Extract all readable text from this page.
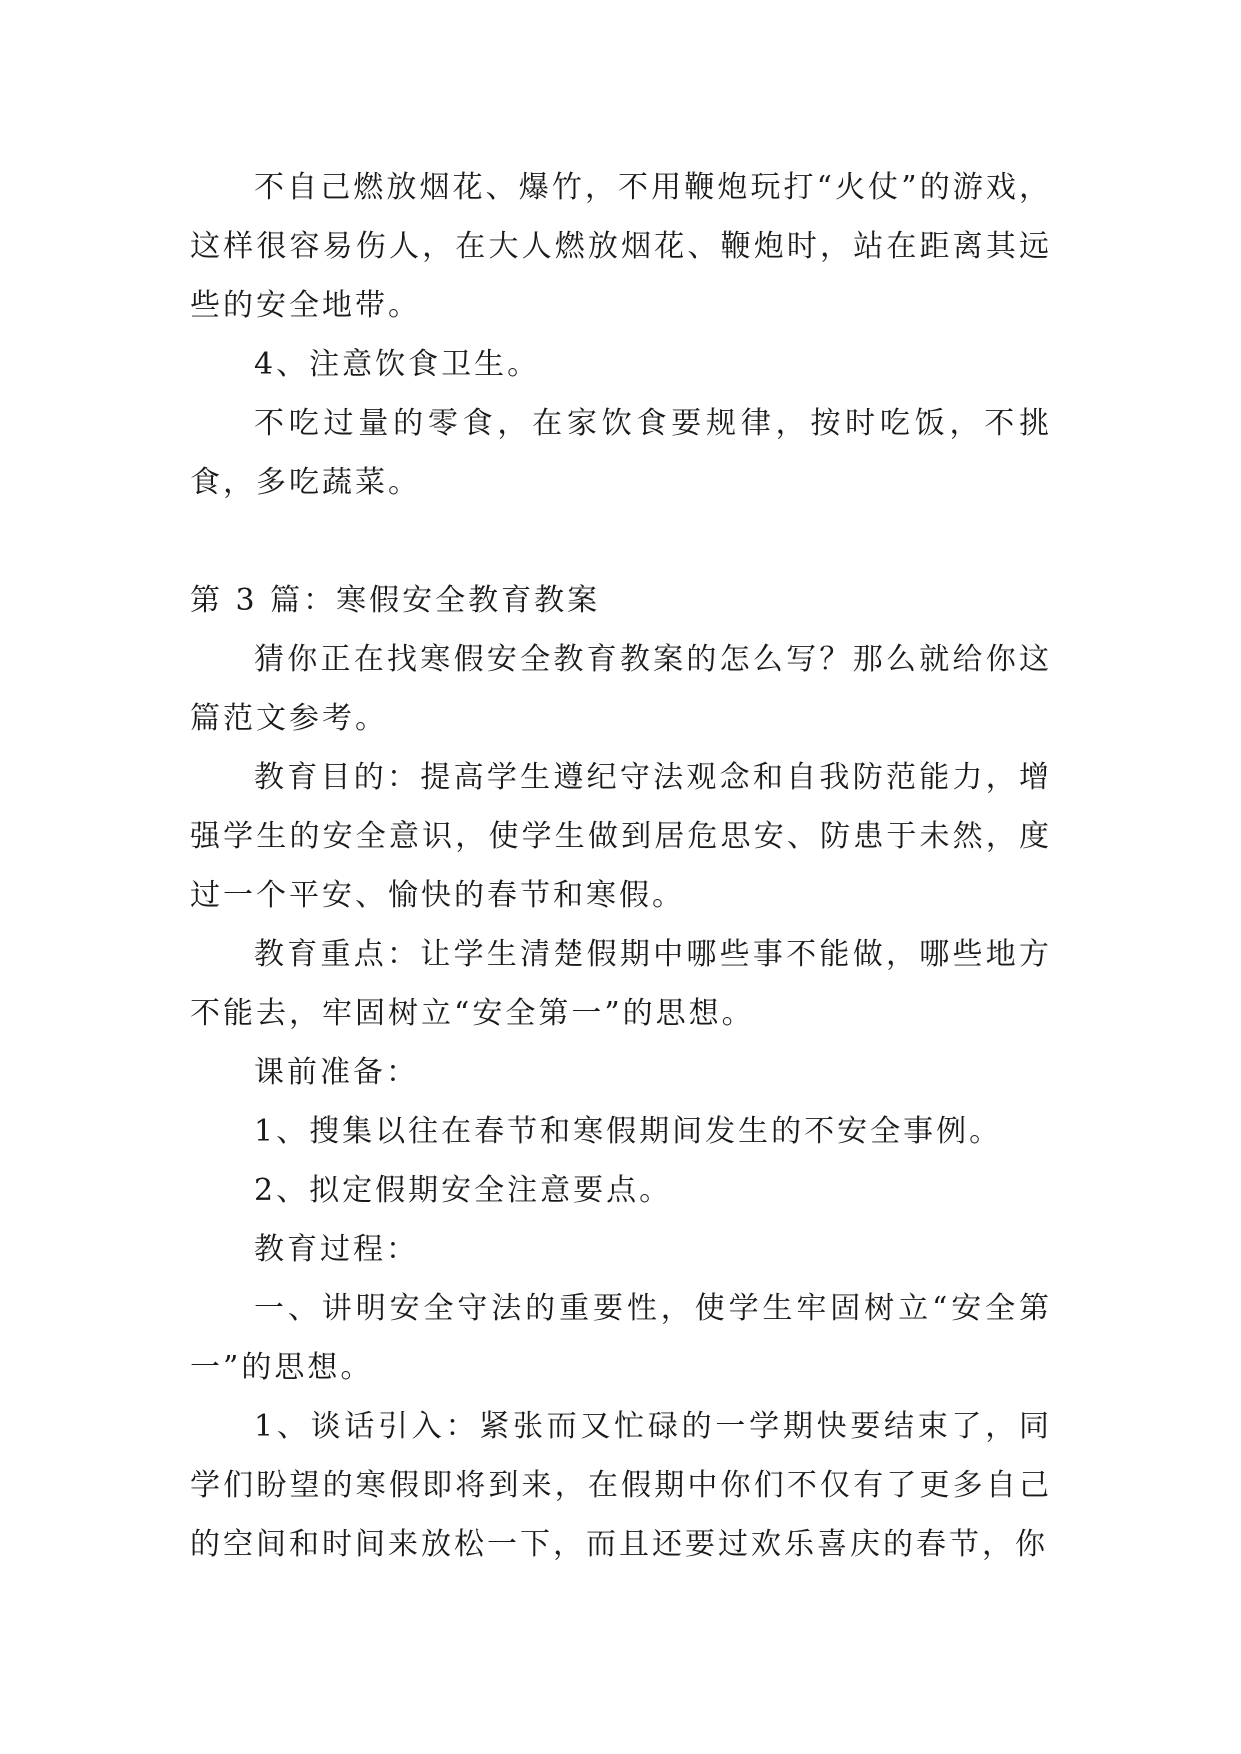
不自己燃放烟花、爆竹，不用鞭炮玩打“火仗”的游戏，这样很容易伤人，在大人燃放烟花、鞭炮时，站在距离其远些的安全地带。

4、注意饮食卫生。

不吃过量的零食，在家饮食要规律，按时吃饭，不挑食，多吃蔬菜。

第 3 篇：寒假安全教育教案

猜你正在找寒假安全教育教案的怎么写？那么就给你这篇范文参考。

教育目的：提高学生遵纪守法观念和自我防范能力，增强学生的安全意识，使学生做到居危思安、防患于未然，度过一个平安、愉快的春节和寒假。

教育重点：让学生清楚假期中哪些事不能做，哪些地方不能去，牢固树立“安全第一”的思想。

课前准备：

1、搜集以往在春节和寒假期间发生的不安全事例。

2、拟定假期安全注意要点。

教育过程：

一、讲明安全守法的重要性，使学生牢固树立“安全第一”的思想。

1、谈话引入：紧张而又忙碌的一学期快要结束了，同学们盼望的寒假即将到来，在假期中你们不仅有了更多自己的空间和时间来放松一下，而且还要过欢乐喜庆的春节，你
